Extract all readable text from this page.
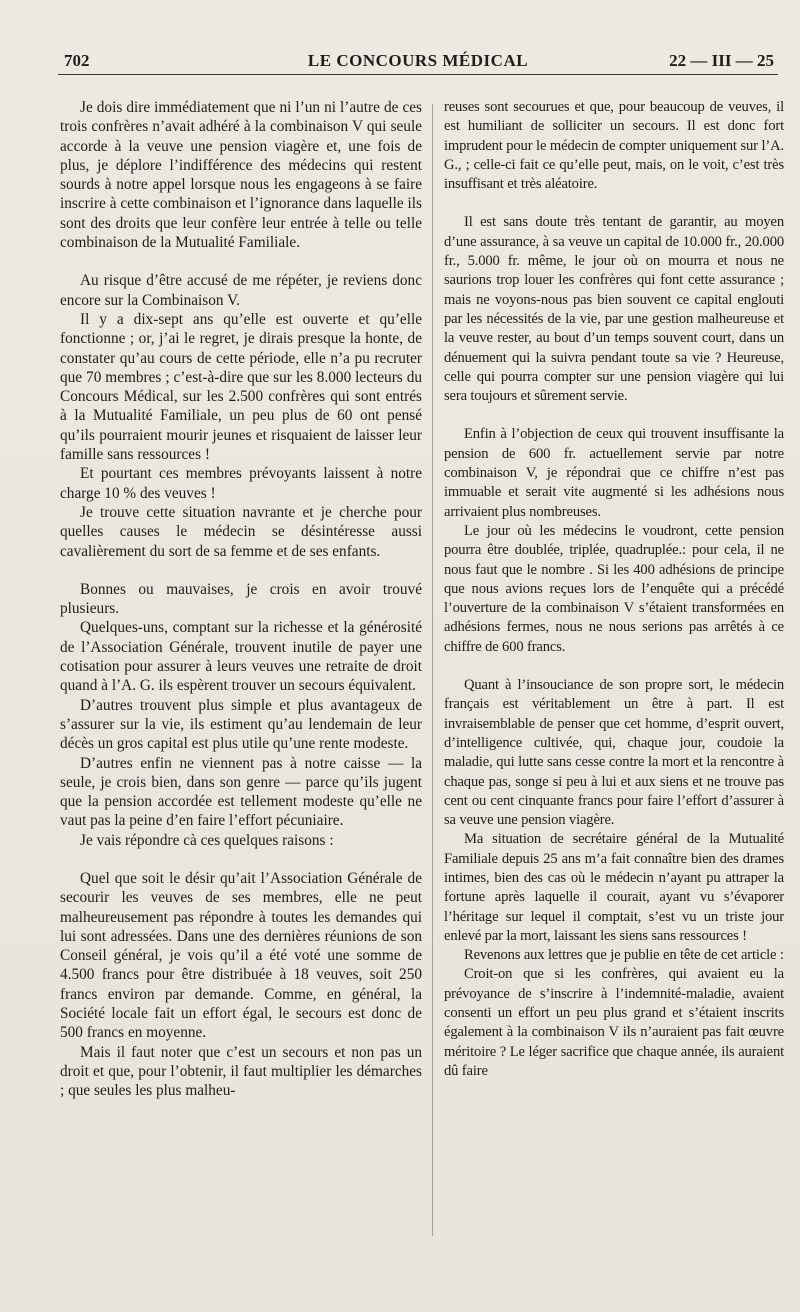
702	LE CONCOURS MÉDICAL	22 — III — 25

Je dois dire immédiatement que ni l’un ni l’autre de ces trois confrères n’avait adhéré à la combinaison V qui seule accorde à la veuve une pension viagère et, une fois de plus, je déplore l’indifférence des médecins qui restent sourds à notre appel lorsque nous les engageons à se faire inscrire à cette combinaison et l’ignorance dans laquelle ils sont des droits que leur confère leur entrée à telle ou telle combinaison de la Mutualité Familiale.

Au risque d’être accusé de me répéter, je reviens donc encore sur la Combinaison V.

Il y a dix-sept ans qu’elle est ouverte et qu’elle fonctionne ; or, j’ai le regret, je dirais presque la honte, de constater qu’au cours de cette période, elle n’a pu recruter que 70 membres ; c’est-à-dire que sur les 8.000 lecteurs du Concours Médical, sur les 2.500 confrères qui sont entrés à la Mutualité Familiale, un peu plus de 60 ont pensé qu’ils pourraient mourir jeunes et risquaient de laisser leur famille sans ressources !

Et pourtant ces membres prévoyants laissent à notre charge 10 % des veuves !

Je trouve cette situation navrante et je cherche pour quelles causes le médecin se désintéresse aussi cavalièrement du sort de sa femme et de ses enfants.

Bonnes ou mauvaises, je crois en avoir trouvé plusieurs.

Quelques-uns, comptant sur la richesse et la générosité de l’Association Générale, trouvent inutile de payer une cotisation pour assurer à leurs veuves une retraite de droit quand à l’A. G. ils espèrent trouver un secours équivalent.

D’autres trouvent plus simple et plus avantageux de s’assurer sur la vie, ils estiment qu’au lendemain de leur décès un gros capital est plus utile qu’une rente modeste.

D’autres enfin ne viennent pas à notre caisse — la seule, je crois bien, dans son genre — parce qu’ils jugent que la pension accordée est tellement modeste qu’elle ne vaut pas la peine d’en faire l’effort pécuniaire.

Je vais répondre cà ces quelques raisons :

Quel que soit le désir qu’ait l’Association Générale de secourir les veuves de ses membres, elle ne peut malheureusement pas répondre à toutes les demandes qui lui sont adressées. Dans une des dernières réunions de son Conseil général, je vois qu’il a été voté une somme de 4.500 francs pour être distribuée à 18 veuves, soit 250 francs environ par demande. Comme, en général, la Société locale fait un effort égal, le secours est donc de 500 francs en moyenne.

Mais il faut noter que c’est un secours et non pas un droit et que, pour l’obtenir, il faut multiplier les démarches ; que seules les plus malheu-

reuses sont secourues et que, pour beaucoup de veuves, il est humiliant de solliciter un secours. Il est donc fort imprudent pour le médecin de compter uniquement sur l’A. G., ; celle-ci fait ce qu’elle peut, mais, on le voit, c’est très insuffisant et très aléatoire.

Il est sans doute très tentant de garantir, au moyen d’une assurance, à sa veuve un capital de 10.000 fr., 20.000 fr., 5.000 fr. même, le jour où on mourra et nous ne saurions trop louer les confrères qui font cette assurance ; mais ne voyons-nous pas bien souvent ce capital englouti par les nécessités de la vie, par une gestion malheureuse et la veuve rester, au bout d’un temps souvent court, dans un dénuement qui la suivra pendant toute sa vie ? Heureuse, celle qui pourra compter sur une pension viagère qui lui sera toujours et sûrement servie.

Enfin à l’objection de ceux qui trouvent insuffisante la pension de 600 fr. actuellement servie par notre combinaison V, je répondrai que ce chiffre n’est pas immuable et serait vite augmenté si les adhésions nous arrivaient plus nombreuses.

Le jour où les médecins le voudront, cette pension pourra être doublée, triplée, quadruplée.: pour cela, il ne nous faut que le nombre . Si les 400 adhésions de principe que nous avions reçues lors de l’enquête qui a précédé l’ouverture de la combinaison V s’étaient transformées en adhésions fermes, nous ne nous serions pas arrêtés à ce chiffre de 600 francs.

Quant à l’insouciance de son propre sort, le médecin français est véritablement un être à part. Il est invraisemblable de penser que cet homme, d’esprit ouvert, d’intelligence cultivée, qui, chaque jour, coudoie la maladie, qui lutte sans cesse contre la mort et la rencontre à chaque pas, songe si peu à lui et aux siens et ne trouve pas cent ou cent cinquante francs pour faire l’effort d’assurer à sa veuve une pension viagère.

Ma situation de secrétaire général de la Mutualité Familiale depuis 25 ans m’a fait connaître bien des drames intimes, bien des cas où le médecin n’ayant pu attraper la fortune après laquelle il courait, ayant vu s’évaporer l’héritage sur lequel il comptait, s’est vu un triste jour enlevé par la mort, laissant les siens sans ressources !

Revenons aux lettres que je publie en tête de cet article :

Croit-on que si les confrères, qui avaient eu la prévoyance de s’inscrire à l’indemnité-maladie, avaient consenti un effort un peu plus grand et s’étaient inscrits également à la combinaison V ils n’auraient pas fait œuvre méritoire ? Le léger sacrifice que chaque année, ils auraient dû faire
